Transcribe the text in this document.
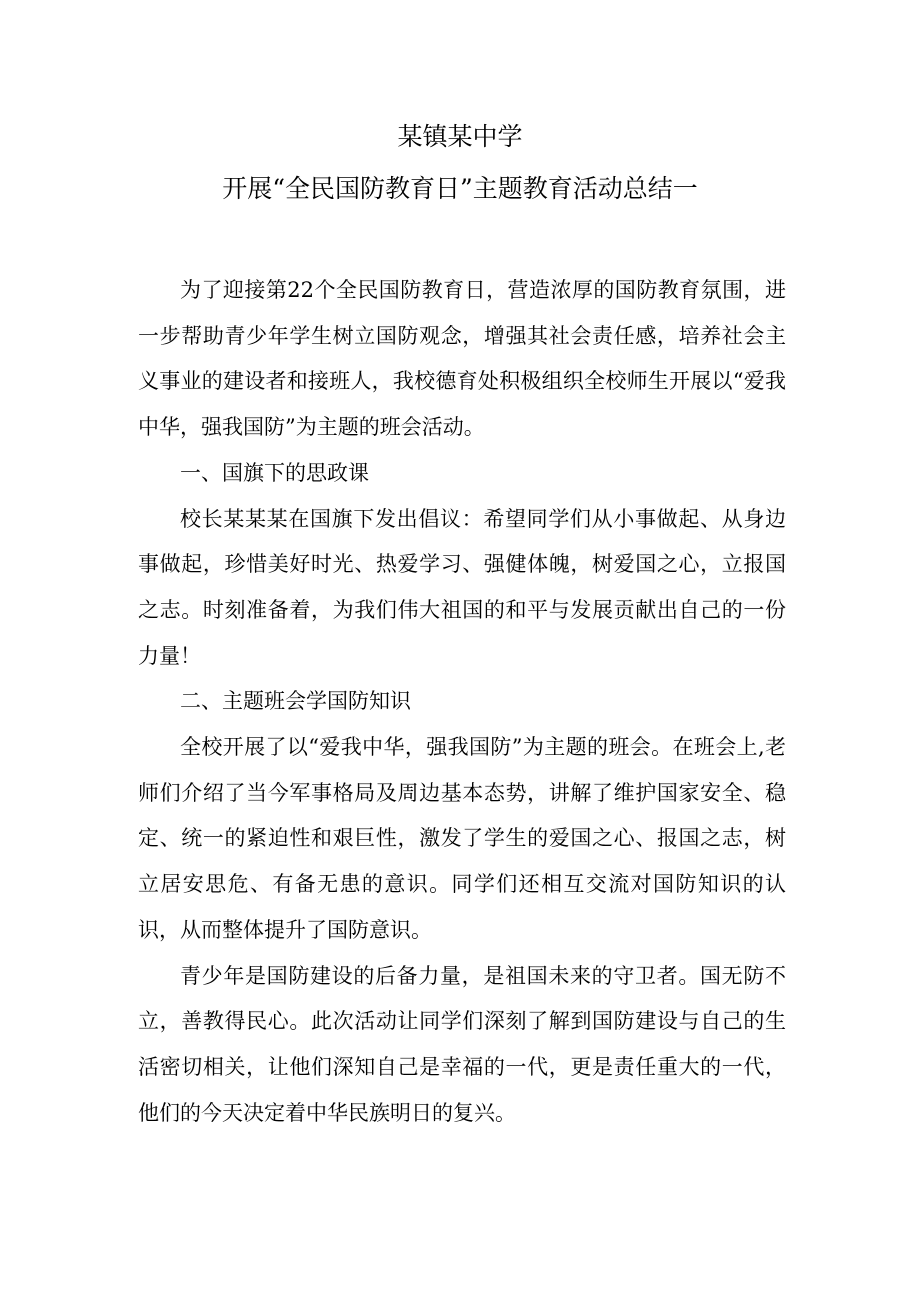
某镇某中学
开展“全民国防教育日”主题教育活动总结一

为了迎接第22个全民国防教育日，营造浓厚的国防教育氛围，进一步帮助青少年学生树立国防观念，增强其社会责任感，培养社会主义事业的建设者和接班人，我校德育处积极组织全校师生开展以“爱我中华，强我国防”为主题的班会活动。

一、国旗下的思政课

校长某某某在国旗下发出倡议：希望同学们从小事做起、从身边事做起，珍惜美好时光、热爱学习、强健体魄，树爱国之心，立报国之志。时刻准备着，为我们伟大祖国的和平与发展贡献出自己的一份力量！

二、主题班会学国防知识

全校开展了以“爱我中华，强我国防”为主题的班会。在班会上,老师们介绍了当今军事格局及周边基本态势，讲解了维护国家安全、稳定、统一的紧迫性和艰巨性，激发了学生的爱国之心、报国之志，树立居安思危、有备无患的意识。同学们还相互交流对国防知识的认识，从而整体提升了国防意识。

青少年是国防建设的后备力量，是祖国未来的守卫者。国无防不立，善教得民心。此次活动让同学们深刻了解到国防建设与自己的生活密切相关，让他们深知自己是幸福的一代，更是责任重大的一代，他们的今天决定着中华民族明日的复兴。
